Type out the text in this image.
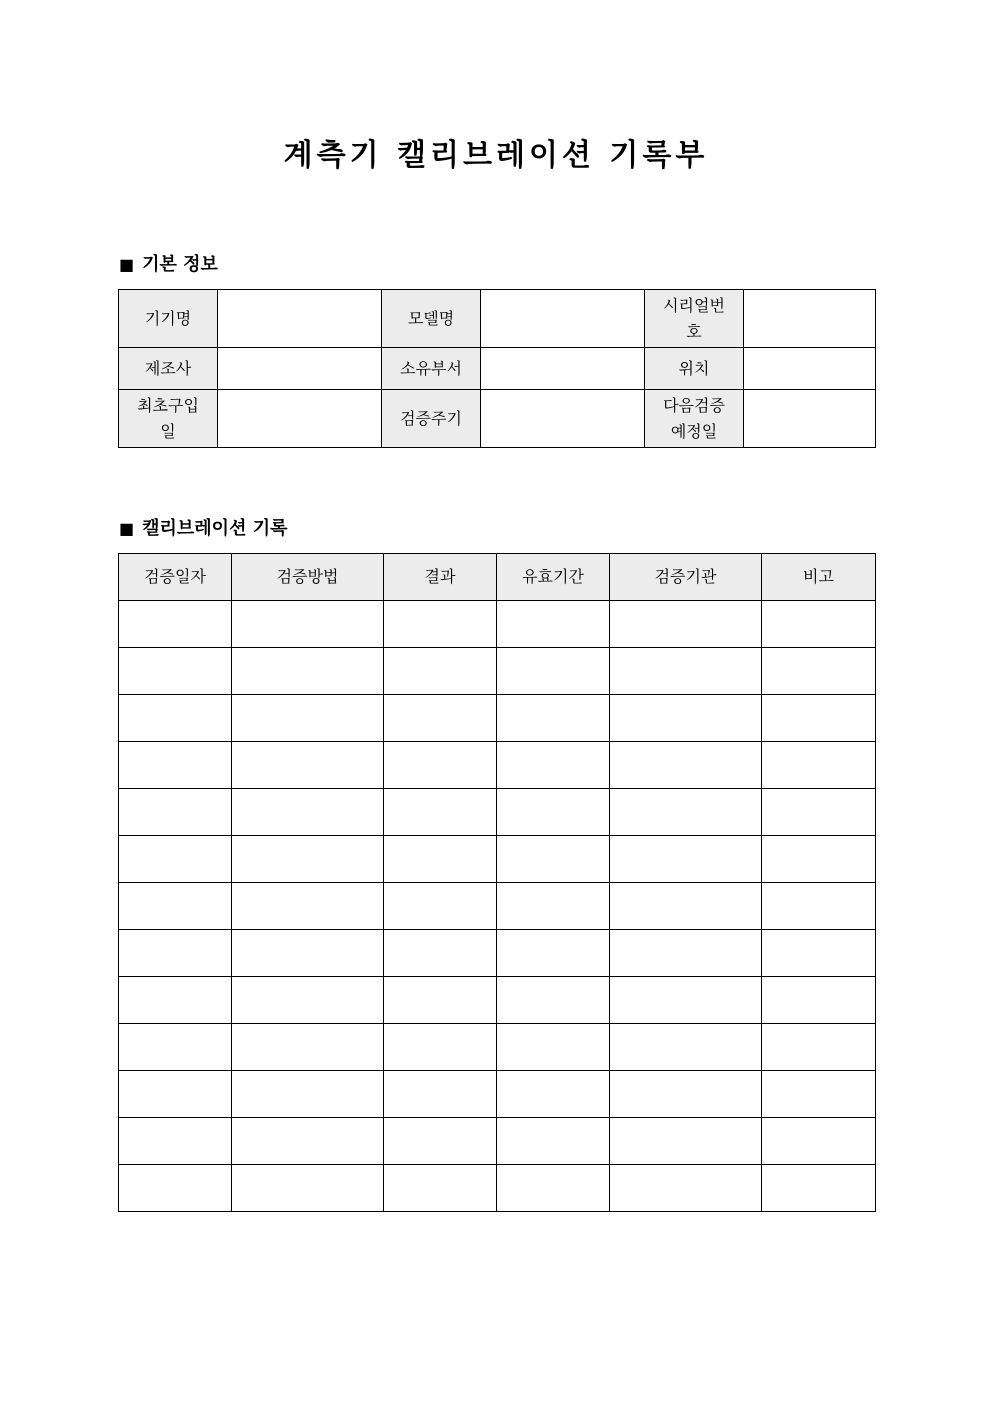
계측기 캘리브레이션 기록부
■ 기본 정보
기기명		모델명		시리얼번
호	
제조사		소유부서		위치	
최초구입
일		검증주기		다음검증
예정일	
■ 캘리브레이션 기록
검증일자	검증방법	결과	유효기간	검증기관	비고
